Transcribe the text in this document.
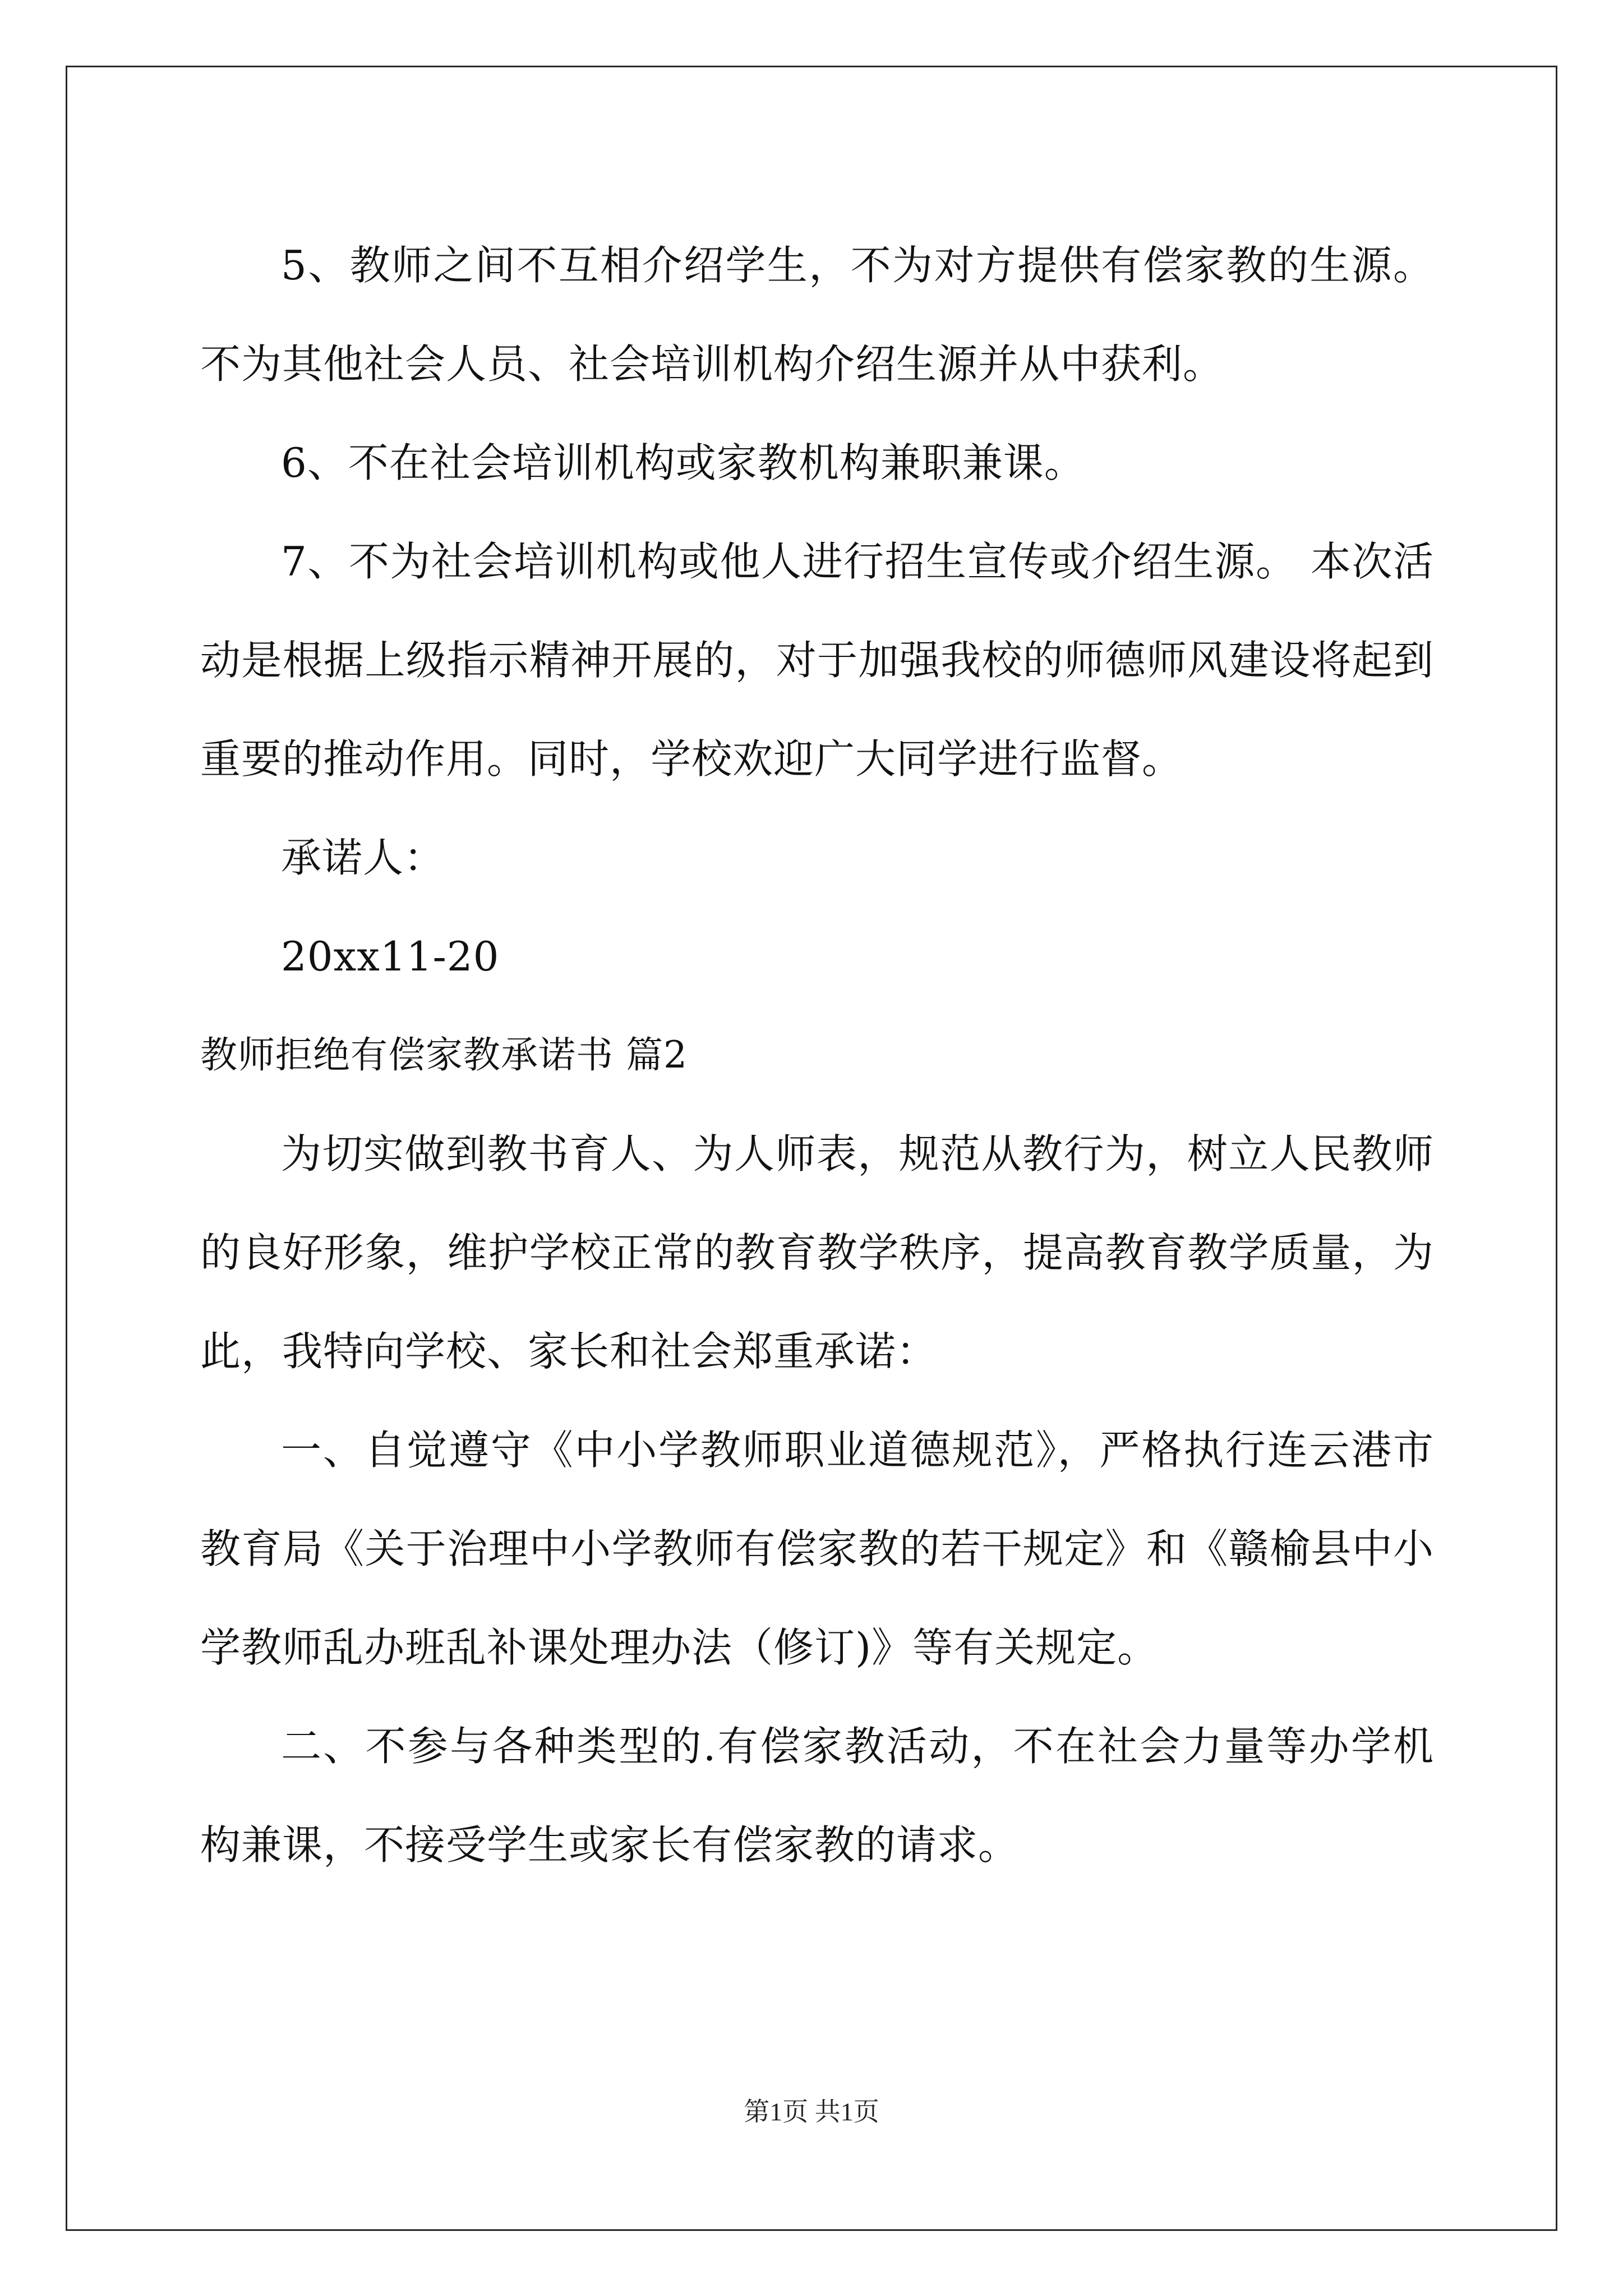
5、教师之间不互相介绍学生，不为对方提供有偿家教的生源。不为其他社会人员、社会培训机构介绍生源并从中获利。

6、不在社会培训机构或家教机构兼职兼课。

7、不为社会培训机构或他人进行招生宣传或介绍生源。 本次活动是根据上级指示精神开展的，对于加强我校的师德师风建设将起到重要的推动作用。同时，学校欢迎广大同学进行监督。

承诺人：

20xx11-20

教师拒绝有偿家教承诺书 篇2

为切实做到教书育人、为人师表，规范从教行为，树立人民教师的良好形象，维护学校正常的教育教学秩序，提高教育教学质量，为此，我特向学校、家长和社会郑重承诺：

一、自觉遵守《中小学教师职业道德规范》，严格执行连云港市教育局《关于治理中小学教师有偿家教的若干规定》和《赣榆县中小学教师乱办班乱补课处理办法（修订)》等有关规定。

二、不参与各种类型的.有偿家教活动，不在社会力量等办学机构兼课，不接受学生或家长有偿家教的请求。

第1页 共1页
